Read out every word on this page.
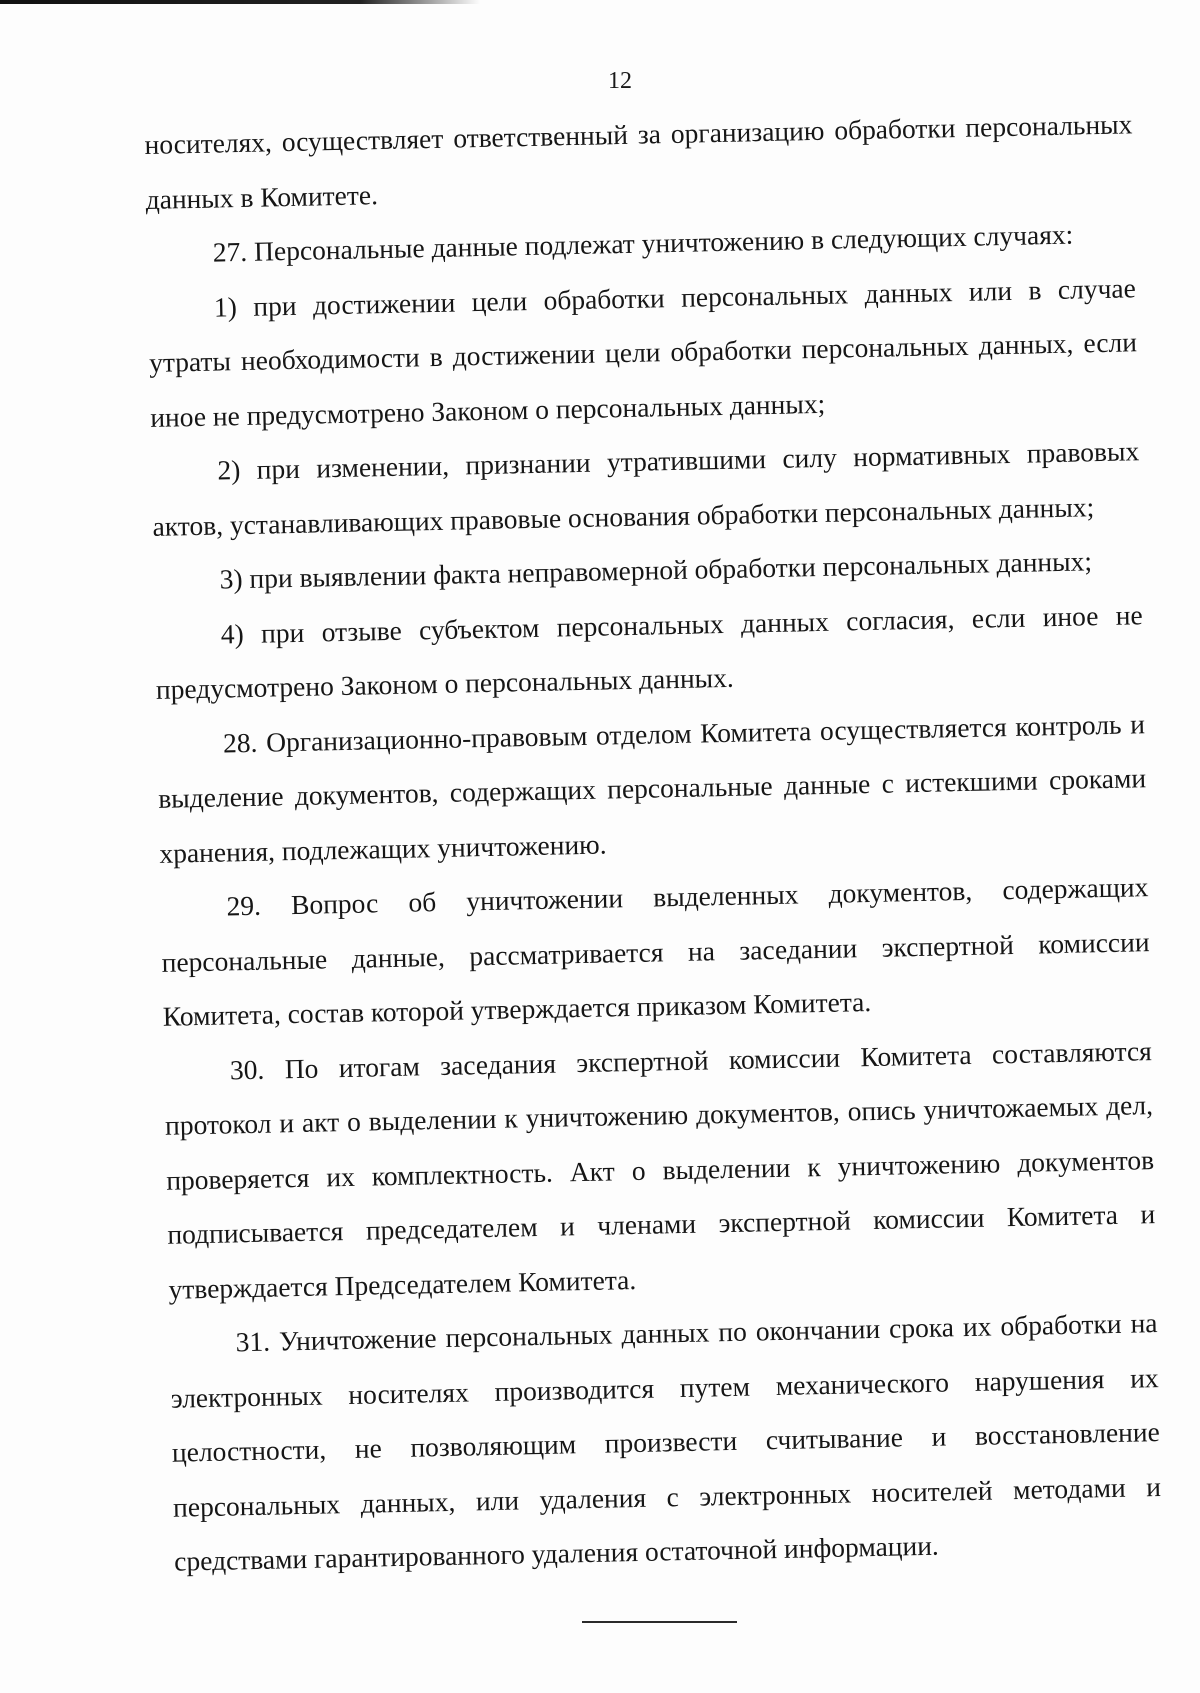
12

носителях, осуществляет ответственный за организацию обработки персональных данных в Комитете.

27. Персональные данные подлежат уничтожению в следующих случаях:

1) при достижении цели обработки персональных данных или в случае утраты необходимости в достижении цели обработки персональных данных, если иное не предусмотрено Законом о персональных данных;

2) при изменении, признании утратившими силу нормативных правовых актов, устанавливающих правовые основания обработки персональных данных;

3) при выявлении факта неправомерной обработки персональных данных;

4) при отзыве субъектом персональных данных согласия, если иное не предусмотрено Законом о персональных данных.

28. Организационно-правовым отделом Комитета осуществляется контроль и выделение документов, содержащих персональные данные с истекшими сроками хранения, подлежащих уничтожению.

29. Вопрос об уничтожении выделенных документов, содержащих персональные данные, рассматривается на заседании экспертной комиссии Комитета, состав которой утверждается приказом Комитета.

30. По итогам заседания экспертной комиссии Комитета составляются протокол и акт о выделении к уничтожению документов, опись уничтожаемых дел, проверяется их комплектность. Акт о выделении к уничтожению документов подписывается председателем и членами экспертной комиссии Комитета и утверждается Председателем Комитета.

31. Уничтожение персональных данных по окончании срока их обработки на электронных носителях производится путем механического нарушения их целостности, не позволяющим произвести считывание и восстановление персональных данных, или удаления с электронных носителей методами и средствами гарантированного удаления остаточной информации.
